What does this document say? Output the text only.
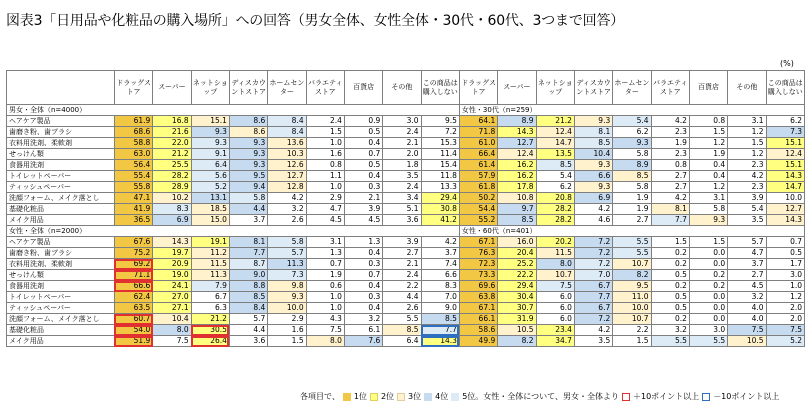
図表3「日用品や化粧品の購入場所」への回答（男女全体、女性全体・30代・60代、3つまで回答）
(%)
	ドラッグストア	スーパー	ネットショップ	ディスカウントストア	ホームセンター	バラエティストア	百貨店	その他	この商品は購入しない		ドラッグストア	スーパー	ネットショップ	ディスカウントストア	ホームセンター	バラエティストア	百貨店	その他	この商品は購入しない
男女・全体（n=4000）										女性・30代（n=259）								
ヘアケア製品	61.9	16.8	15.1	8.6	8.4	2.4	0.9	3.0	9.5		64.1	8.9	21.2	9.3	5.4	4.2	0.8	3.1	6.2
歯磨き粉、歯ブラシ	68.6	21.6	9.3	8.6	8.4	1.5	0.5	2.4	7.2		71.8	14.3	12.4	8.1	6.2	2.3	1.5	1.2	7.3
衣料用洗剤、柔軟剤	58.8	22.0	9.3	9.3	13.6	1.0	0.4	2.1	15.3		61.0	12.7	14.7	8.5	9.3	1.9	1.2	1.5	15.1
せっけん類	63.0	21.2	9.1	9.3	10.3	1.6	0.7	2.0	11.4		66.4	12.4	13.5	10.4	5.8	2.3	1.9	1.2	12.4
食器用洗剤	56.4	25.5	6.4	9.3	12.6	0.8	0.5	1.8	15.4		61.4	16.2	8.5	9.3	8.9	0.8	0.4	2.3	15.1
トイレットペーパー	55.4	28.2	5.6	9.5	12.7	1.1	0.4	3.5	11.8		57.9	16.2	5.4	6.6	8.5	2.7	0.4	4.2	14.3
ティッシュペーパー	55.8	28.9	5.2	9.4	12.8	1.0	0.3	2.4	13.3		61.8	17.8	6.2	9.3	5.8	2.7	1.2	2.3	14.7
洗顔フォーム、メイク落とし	47.1	10.2	13.1	5.8	4.2	2.9	2.1	3.4	29.4		50.2	10.8	20.8	6.9	1.9	4.2	3.1	3.9	10.0
基礎化粧品	41.9	8.3	18.5	4.4	3.2	4.7	3.9	5.1	30.8		54.4	9.7	28.2	4.2	1.9	8.1	5.8	5.4	12.7
メイク用品	36.5	6.9	15.0	3.7	2.6	4.5	4.5	3.6	41.2		55.2	8.5	28.2	4.6	2.7	7.7	9.3	3.5	14.3
女性・全体（n=2000）										女性・60代（n=401）								
ヘアケア製品	67.6	14.3	19.1	8.1	5.8	3.1	1.3	3.9	4.2		67.1	16.0	20.2	7.2	5.5	1.5	1.5	5.7	0.7
歯磨き粉、歯ブラシ	75.2	19.7	11.2	7.7	5.7	1.3	0.4	2.7	3.7		76.3	20.4	11.5	7.2	5.5	0.2	0.0	4.7	0.5
衣料用洗剤、柔軟剤	69.2	20.9	11.5	8.7	11.3	0.7	0.3	2.1	7.4		72.3	25.2	8.0	7.2	10.7	0.2	0.0	3.7	1.7
せっけん類	71.1	19.0	11.3	9.0	7.3	1.9	0.7	2.4	6.6		73.3	22.2	10.7	7.0	8.2	0.5	0.2	2.7	3.0
食器用洗剤	66.6	24.1	7.9	8.8	9.8	0.6	0.4	2.2	8.3		69.6	29.4	7.5	6.7	9.5	0.2	0.2	4.5	1.0
トイレットペーパー	62.4	27.0	6.7	8.5	9.3	1.0	0.3	4.4	7.0		63.8	30.4	6.0	7.7	11.0	0.5	0.0	3.2	1.2
ティッシュペーパー	63.5	27.1	6.3	8.4	10.0	1.0	0.4	2.6	9.0		67.1	30.7	6.0	6.7	10.0	0.5	0.0	4.0	2.0
洗顔フォーム、メイク落とし	60.7	10.4	21.2	5.7	2.9	4.3	3.2	5.5	8.5		66.1	31.9	6.0	7.2	10.7	0.2	0.0	4.0	2.0
基礎化粧品	54.0	8.0	30.5	4.4	1.6	7.5	6.1	8.5	7.7		58.6	10.5	23.4	4.2	2.2	3.2	3.0	7.5	7.5
メイク用品	51.9	7.5	26.4	3.6	1.5	8.0	7.6	6.4	14.3		49.9	8.2	34.7	3.5	1.5	5.5	5.5	10.5	5.2
各項目で、 1位 2位 3位 4位 5位。女性・全体について、男女・全体より ＋10ポイント以上 －10ポイント以上
